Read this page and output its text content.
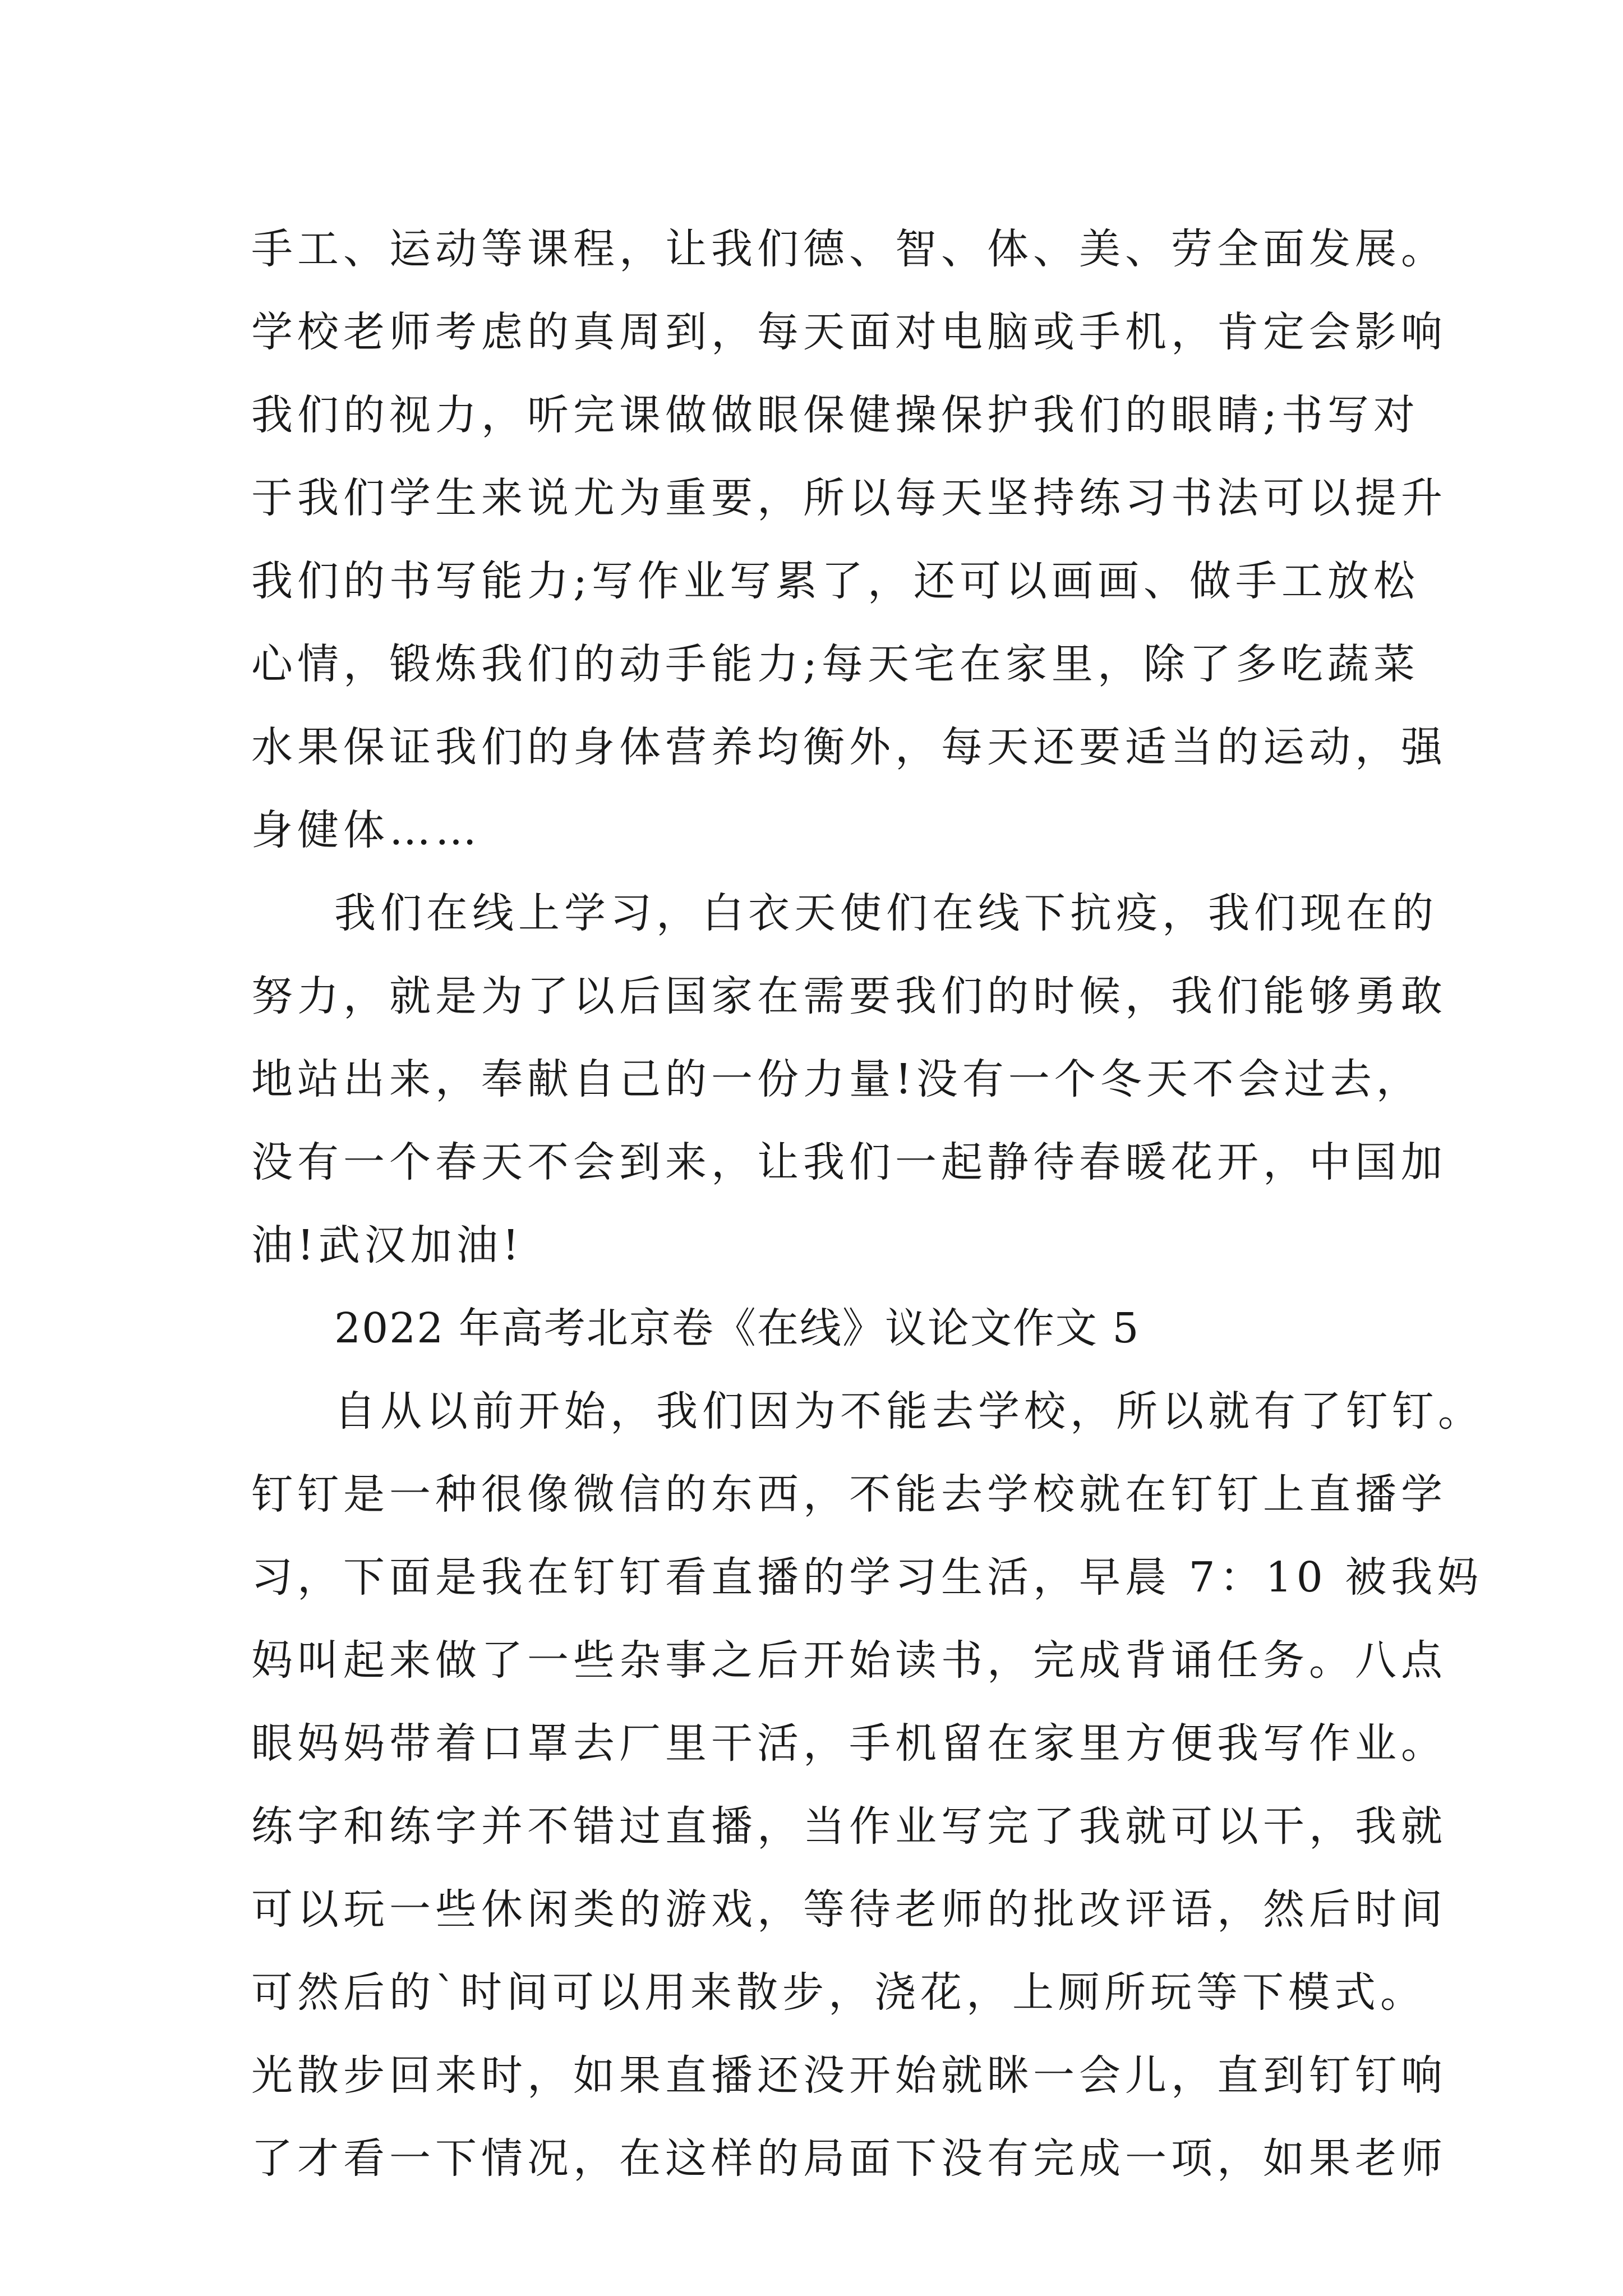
手工、运动等课程，让我们德、智、体、美、劳全面发展。
学校老师考虑的真周到，每天面对电脑或手机，肯定会影响
我们的视力，听完课做做眼保健操保护我们的眼睛;书写对
于我们学生来说尤为重要，所以每天坚持练习书法可以提升
我们的书写能力;写作业写累了，还可以画画、做手工放松
心情，锻炼我们的动手能力;每天宅在家里，除了多吃蔬菜
水果保证我们的身体营养均衡外，每天还要适当的运动，强
身健体……
我们在线上学习，白衣天使们在线下抗疫，我们现在的
努力，就是为了以后国家在需要我们的时候，我们能够勇敢
地站出来，奉献自己的一份力量!没有一个冬天不会过去，
没有一个春天不会到来，让我们一起静待春暖花开，中国加
油!武汉加油!
2022 年高考北京卷《在线》议论文作文 5
自从以前开始，我们因为不能去学校，所以就有了钉钉。
钉钉是一种很像微信的东西，不能去学校就在钉钉上直播学
习，下面是我在钉钉看直播的学习生活，早晨 7：10 被我妈
妈叫起来做了一些杂事之后开始读书，完成背诵任务。八点
眼妈妈带着口罩去厂里干活，手机留在家里方便我写作业。
练字和练字并不错过直播，当作业写完了我就可以干，我就
可以玩一些休闲类的游戏，等待老师的批改评语，然后时间
可然后的`时间可以用来散步，浇花，上厕所玩等下模式。
光散步回来时，如果直播还没开始就眯一会儿，直到钉钉响
了才看一下情况，在这样的局面下没有完成一项，如果老师
